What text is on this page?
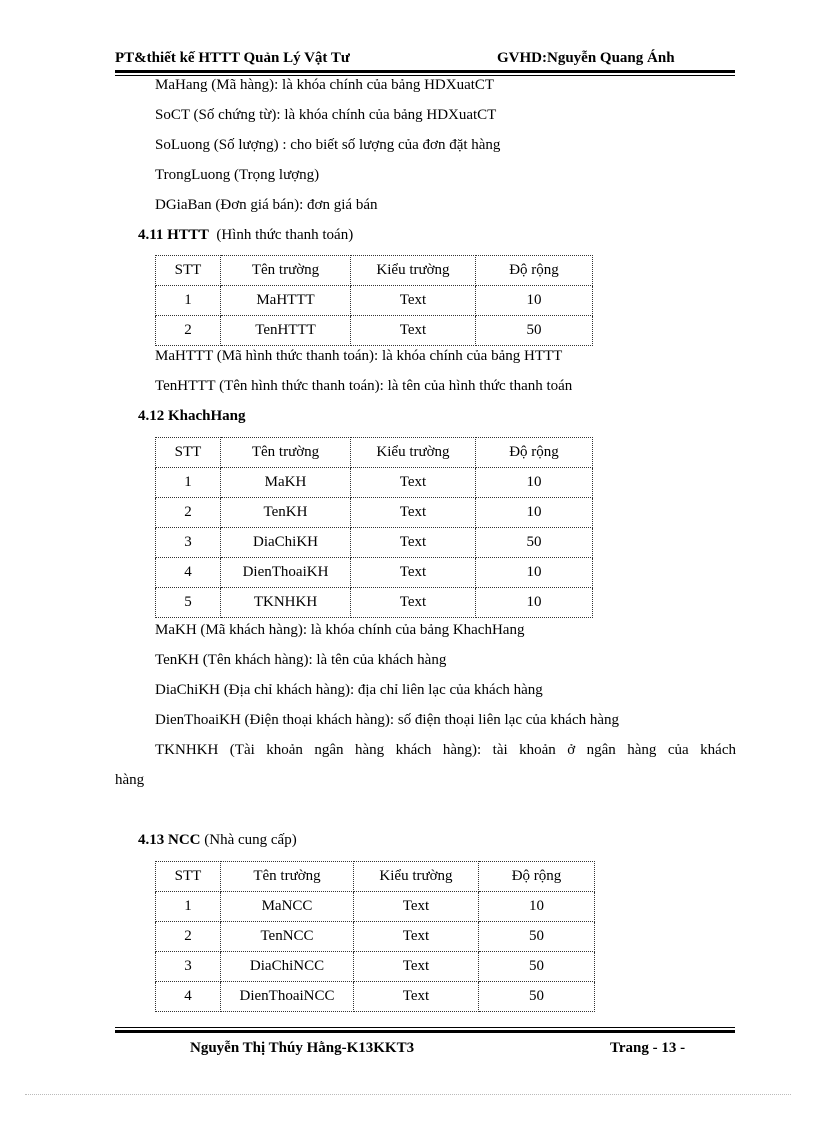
PT&thiết kế HTTT Quản Lý Vật Tư	GVHD:Nguyễn Quang Ánh
MaHang (Mã hàng): là khóa chính của bảng HDXuatCT
SoCT (Số chứng từ): là khóa chính của bảng HDXuatCT
SoLuong (Số lượng) : cho biết số lượng của đơn đặt hàng
TrongLuong (Trọng lượng)
DGiaBan (Đơn giá bán): đơn giá bán
4.11 HTTT (Hình thức thanh toán)
STT	Tên trường	Kiểu trường	Độ rộng
1	MaHTTT	Text	10
2	TenHTTT	Text	50
MaHTTT (Mã hình thức thanh toán): là khóa chính của bảng HTTT
TenHTTT (Tên hình thức thanh toán): là tên của hình thức thanh toán
4.12 KhachHang
STT	Tên trường	Kiểu trường	Độ rộng
1	MaKH	Text	10
2	TenKH	Text	10
3	DiaChiKH	Text	50
4	DienThoaiKH	Text	10
5	TKNHKH	Text	10
MaKH (Mã khách hàng): là khóa chính của bảng KhachHang
TenKH (Tên khách hàng): là tên của khách hàng
DiaChiKH (Địa chỉ khách hàng): địa chỉ liên lạc của khách hàng
DienThoaiKH (Điện thoại khách hàng): số điện thoại liên lạc của khách hàng
TKNHKH (Tài khoản ngân hàng khách hàng): tài khoản ở ngân hàng của khách
hàng
4.13 NCC (Nhà cung cấp)
STT	Tên trường	Kiểu trường	Độ rộng
1	MaNCC	Text	10
2	TenNCC	Text	50
3	DiaChiNCC	Text	50
4	DienThoaiNCC	Text	50
Nguyễn Thị Thúy Hằng-K13KKT3	Trang - 13 -
